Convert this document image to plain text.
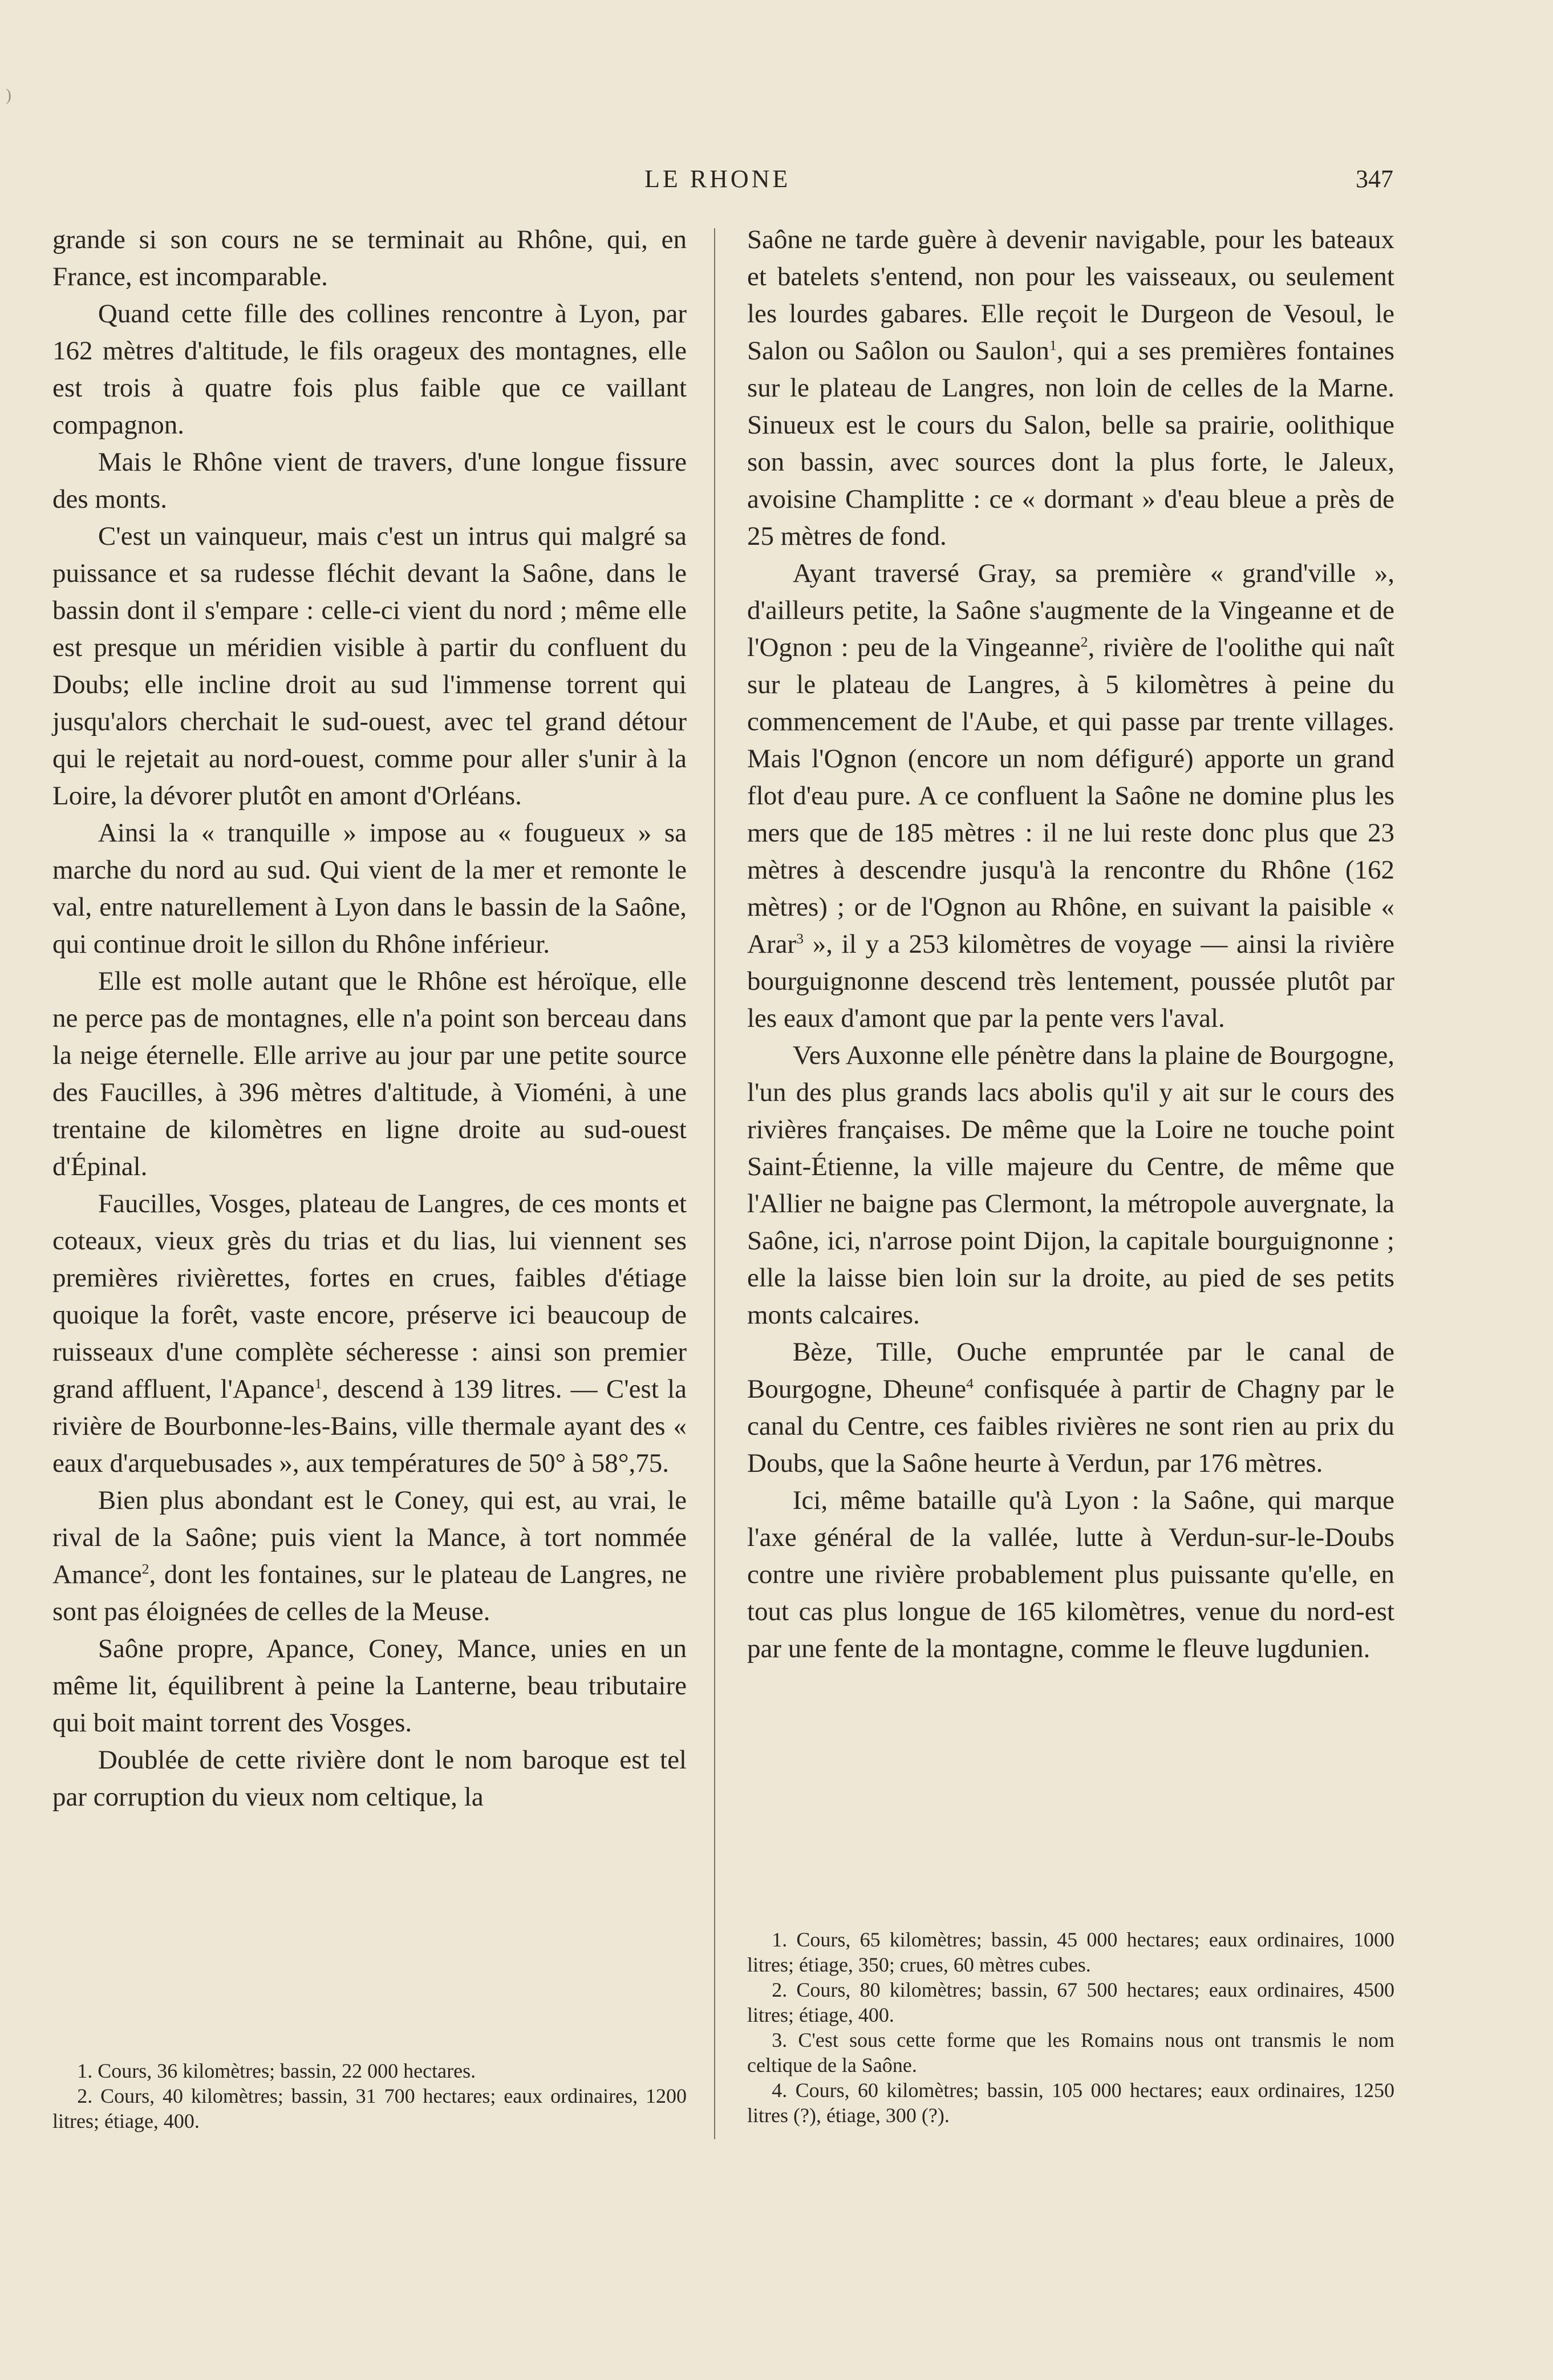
)
LE RHONE	347

grande si son cours ne se terminait au Rhône, qui, en France, est incomparable.

Quand cette fille des collines rencontre à Lyon, par 162 mètres d'altitude, le fils orageux des montagnes, elle est trois à quatre fois plus faible que ce vaillant compagnon.

Mais le Rhône vient de travers, d'une longue fissure des monts.

C'est un vainqueur, mais c'est un intrus qui malgré sa puissance et sa rudesse fléchit devant la Saône, dans le bassin dont il s'empare : celle-ci vient du nord ; même elle est presque un méridien visible à partir du confluent du Doubs; elle incline droit au sud l'immense torrent qui jusqu'alors cherchait le sud-ouest, avec tel grand détour qui le rejetait au nord-ouest, comme pour aller s'unir à la Loire, la dévorer plutôt en amont d'Orléans.

Ainsi la « tranquille » impose au « fougueux » sa marche du nord au sud. Qui vient de la mer et remonte le val, entre naturellement à Lyon dans le bassin de la Saône, qui continue droit le sillon du Rhône inférieur.

Elle est molle autant que le Rhône est héroïque, elle ne perce pas de montagnes, elle n'a point son berceau dans la neige éternelle. Elle arrive au jour par une petite source des Faucilles, à 396 mètres d'altitude, à Vioméni, à une trentaine de kilomètres en ligne droite au sud-ouest d'Épinal.

Faucilles, Vosges, plateau de Langres, de ces monts et coteaux, vieux grès du trias et du lias, lui viennent ses premières rivièrettes, fortes en crues, faibles d'étiage quoique la forêt, vaste encore, préserve ici beaucoup de ruisseaux d'une complète sécheresse : ainsi son premier grand affluent, l'Apance$^1$, descend à 139 litres. — C'est la rivière de Bourbonne-les-Bains, ville thermale ayant des « eaux d'arquebusades », aux températures de 50° à 58°,75.

Bien plus abondant est le Coney, qui est, au vrai, le rival de la Saône; puis vient la Mance, à tort nommée Amance$^2$, dont les fontaines, sur le plateau de Langres, ne sont pas éloignées de celles de la Meuse.

Saône propre, Apance, Coney, Mance, unies en un même lit, équilibrent à peine la Lanterne, beau tributaire qui boit maint torrent des Vosges.

Doublée de cette rivière dont le nom baroque est tel par corruption du vieux nom celtique, la

1. Cours, 36 kilomètres; bassin, 22 000 hectares.

2. Cours, 40 kilomètres; bassin, 31 700 hectares; eaux ordinaires, 1200 litres; étiage, 400.

Saône ne tarde guère à devenir navigable, pour les bateaux et batelets s'entend, non pour les vaisseaux, ou seulement les lourdes gabares. Elle reçoit le Durgeon de Vesoul, le Salon ou Saôlon ou Saulon$^1$, qui a ses premières fontaines sur le plateau de Langres, non loin de celles de la Marne. Sinueux est le cours du Salon, belle sa prairie, oolithique son bassin, avec sources dont la plus forte, le Jaleux, avoisine Champlitte : ce « dormant » d'eau bleue a près de 25 mètres de fond.

Ayant traversé Gray, sa première « grand'ville », d'ailleurs petite, la Saône s'augmente de la Vingeanne et de l'Ognon : peu de la Vingeanne$^2$, rivière de l'oolithe qui naît sur le plateau de Langres, à 5 kilomètres à peine du commencement de l'Aube, et qui passe par trente villages. Mais l'Ognon (encore un nom défiguré) apporte un grand flot d'eau pure. A ce confluent la Saône ne domine plus les mers que de 185 mètres : il ne lui reste donc plus que 23 mètres à descendre jusqu'à la rencontre du Rhône (162 mètres) ; or de l'Ognon au Rhône, en suivant la paisible « Arar$^3$ », il y a 253 kilomètres de voyage — ainsi la rivière bourguignonne descend très lentement, poussée plutôt par les eaux d'amont que par la pente vers l'aval.

Vers Auxonne elle pénètre dans la plaine de Bourgogne, l'un des plus grands lacs abolis qu'il y ait sur le cours des rivières françaises. De même que la Loire ne touche point Saint-Étienne, la ville majeure du Centre, de même que l'Allier ne baigne pas Clermont, la métropole auvergnate, la Saône, ici, n'arrose point Dijon, la capitale bourguignonne ; elle la laisse bien loin sur la droite, au pied de ses petits monts calcaires.

Bèze, Tille, Ouche empruntée par le canal de Bourgogne, Dheune$^4$ confisquée à partir de Chagny par le canal du Centre, ces faibles rivières ne sont rien au prix du Doubs, que la Saône heurte à Verdun, par 176 mètres.

Ici, même bataille qu'à Lyon : la Saône, qui marque l'axe général de la vallée, lutte à Verdun-sur-le-Doubs contre une rivière probablement plus puissante qu'elle, en tout cas plus longue de 165 kilomètres, venue du nord-est par une fente de la montagne, comme le fleuve lugdunien.

1. Cours, 65 kilomètres; bassin, 45 000 hectares; eaux ordinaires, 1000 litres; étiage, 350; crues, 60 mètres cubes.

2. Cours, 80 kilomètres; bassin, 67 500 hectares; eaux ordinaires, 4500 litres; étiage, 400.

3. C'est sous cette forme que les Romains nous ont transmis le nom celtique de la Saône.

4. Cours, 60 kilomètres; bassin, 105 000 hectares; eaux ordinaires, 1250 litres (?), étiage, 300 (?).
